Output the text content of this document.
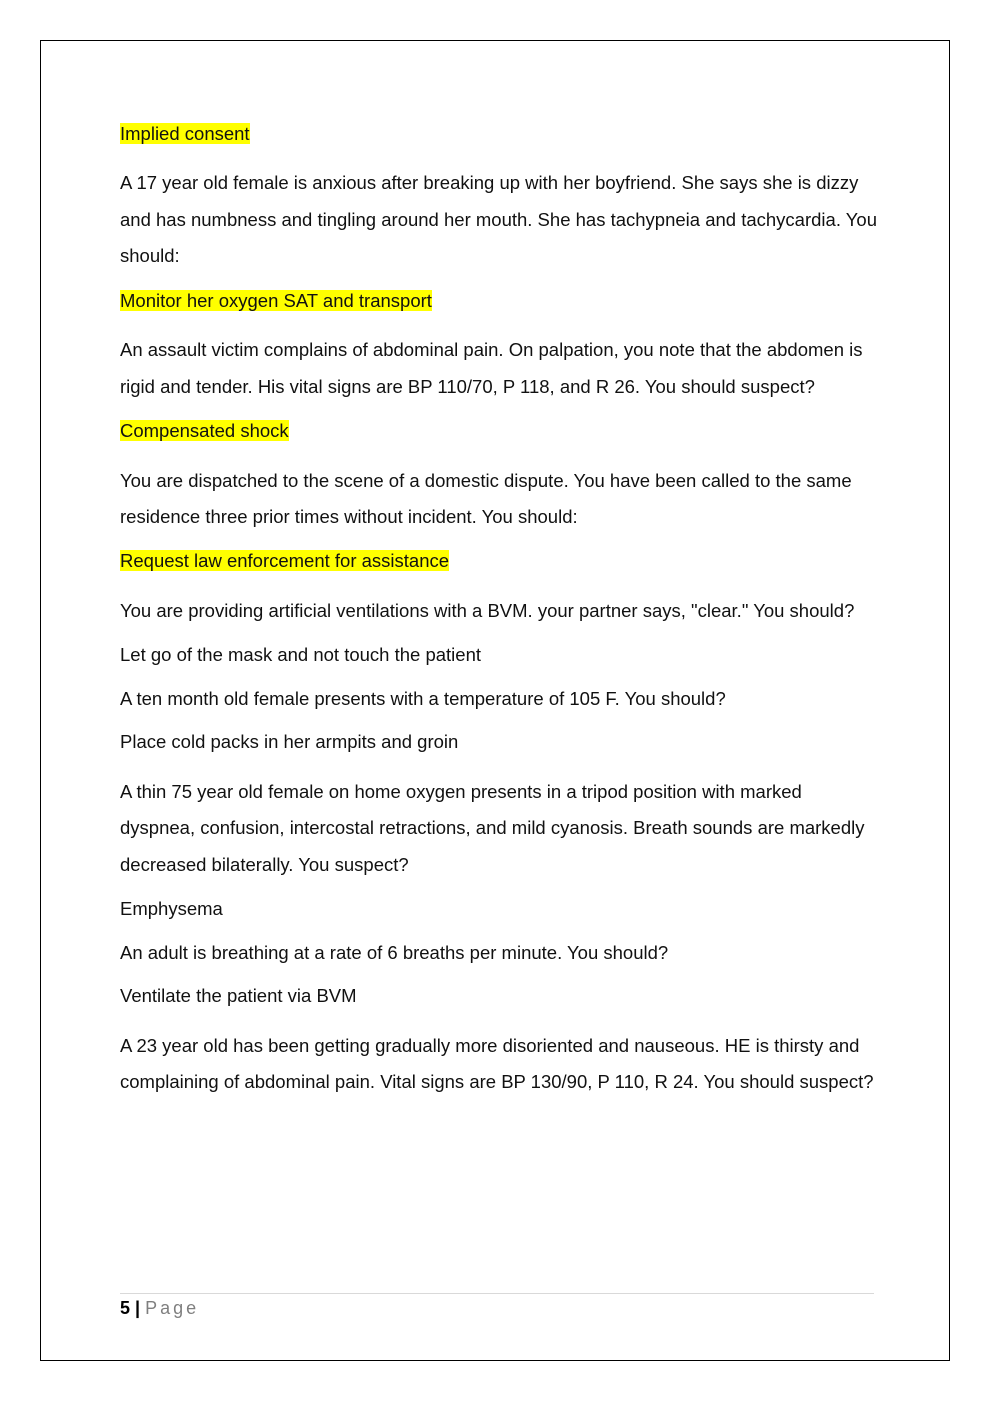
Implied consent

A 17 year old female is anxious after breaking up with her boyfriend. She says she is dizzy and has numbness and tingling around her mouth. She has tachypneia and tachycardia. You should:

Monitor her oxygen SAT and transport

An assault victim complains of abdominal pain. On palpation, you note that the abdomen is rigid and tender. His vital signs are BP 110/70, P 118, and R 26. You should suspect?

Compensated shock

You are dispatched to the scene of a domestic dispute. You have been called to the same residence three prior times without incident. You should:

Request law enforcement for assistance

You are providing artificial ventilations with a BVM. your partner says, "clear." You should?

Let go of the mask and not touch the patient

A ten month old female presents with a temperature of 105 F. You should?

Place cold packs in her armpits and groin

A thin 75 year old female on home oxygen presents in a tripod position with marked dyspnea, confusion, intercostal retractions, and mild cyanosis. Breath sounds are markedly decreased bilaterally. You suspect?

Emphysema

An adult is breathing at a rate of 6 breaths per minute. You should?

Ventilate the patient via BVM

A 23 year old has been getting gradually more disoriented and nauseous. HE is thirsty and complaining of abdominal pain. Vital signs are BP 130/90, P 110, R 24. You should suspect?

5 | Page
